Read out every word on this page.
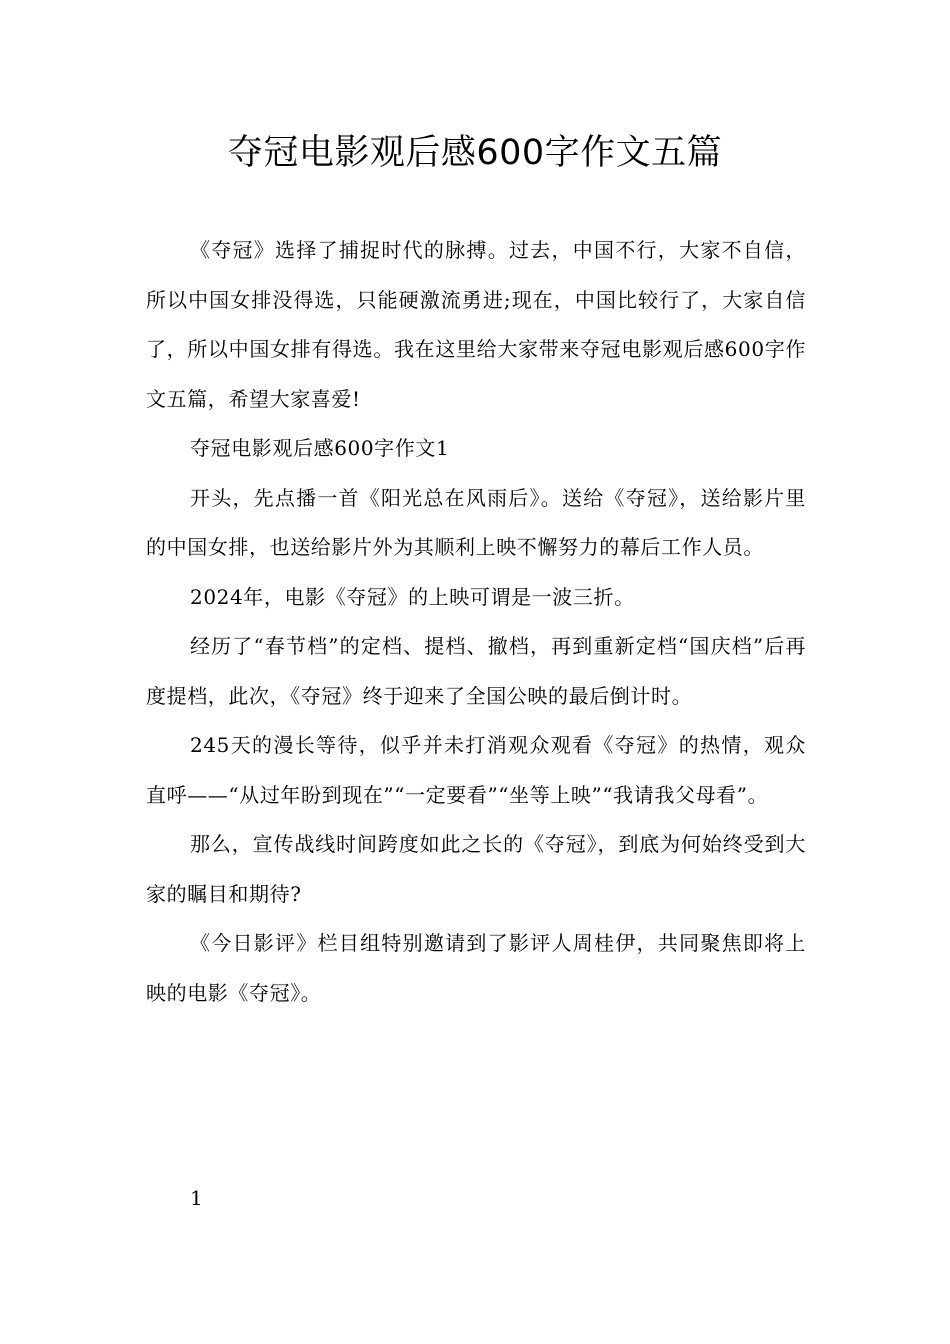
夺冠电影观后感600字作文五篇

《夺冠》选择了捕捉时代的脉搏。过去，中国不行，大家不自信，所以中国女排没得选，只能硬激流勇进;现在，中国比较行了，大家自信了，所以中国女排有得选。我在这里给大家带来夺冠电影观后感600字作文五篇，希望大家喜爱!

夺冠电影观后感600字作文1

开头，先点播一首《阳光总在风雨后》。送给《夺冠》，送给影片里的中国女排，也送给影片外为其顺利上映不懈努力的幕后工作人员。

2024年，电影《夺冠》的上映可谓是一波三折。

经历了“春节档”的定档、提档、撤档，再到重新定档“国庆档”后再度提档，此次，《夺冠》终于迎来了全国公映的最后倒计时。

245天的漫长等待，似乎并未打消观众观看《夺冠》的热情，观众直呼——“从过年盼到现在”“一定要看”“坐等上映”“我请我父母看”。

那么，宣传战线时间跨度如此之长的《夺冠》，到底为何始终受到大家的瞩目和期待?

《今日影评》栏目组特别邀请到了影评人周桂伊，共同聚焦即将上映的电影《夺冠》。

1
